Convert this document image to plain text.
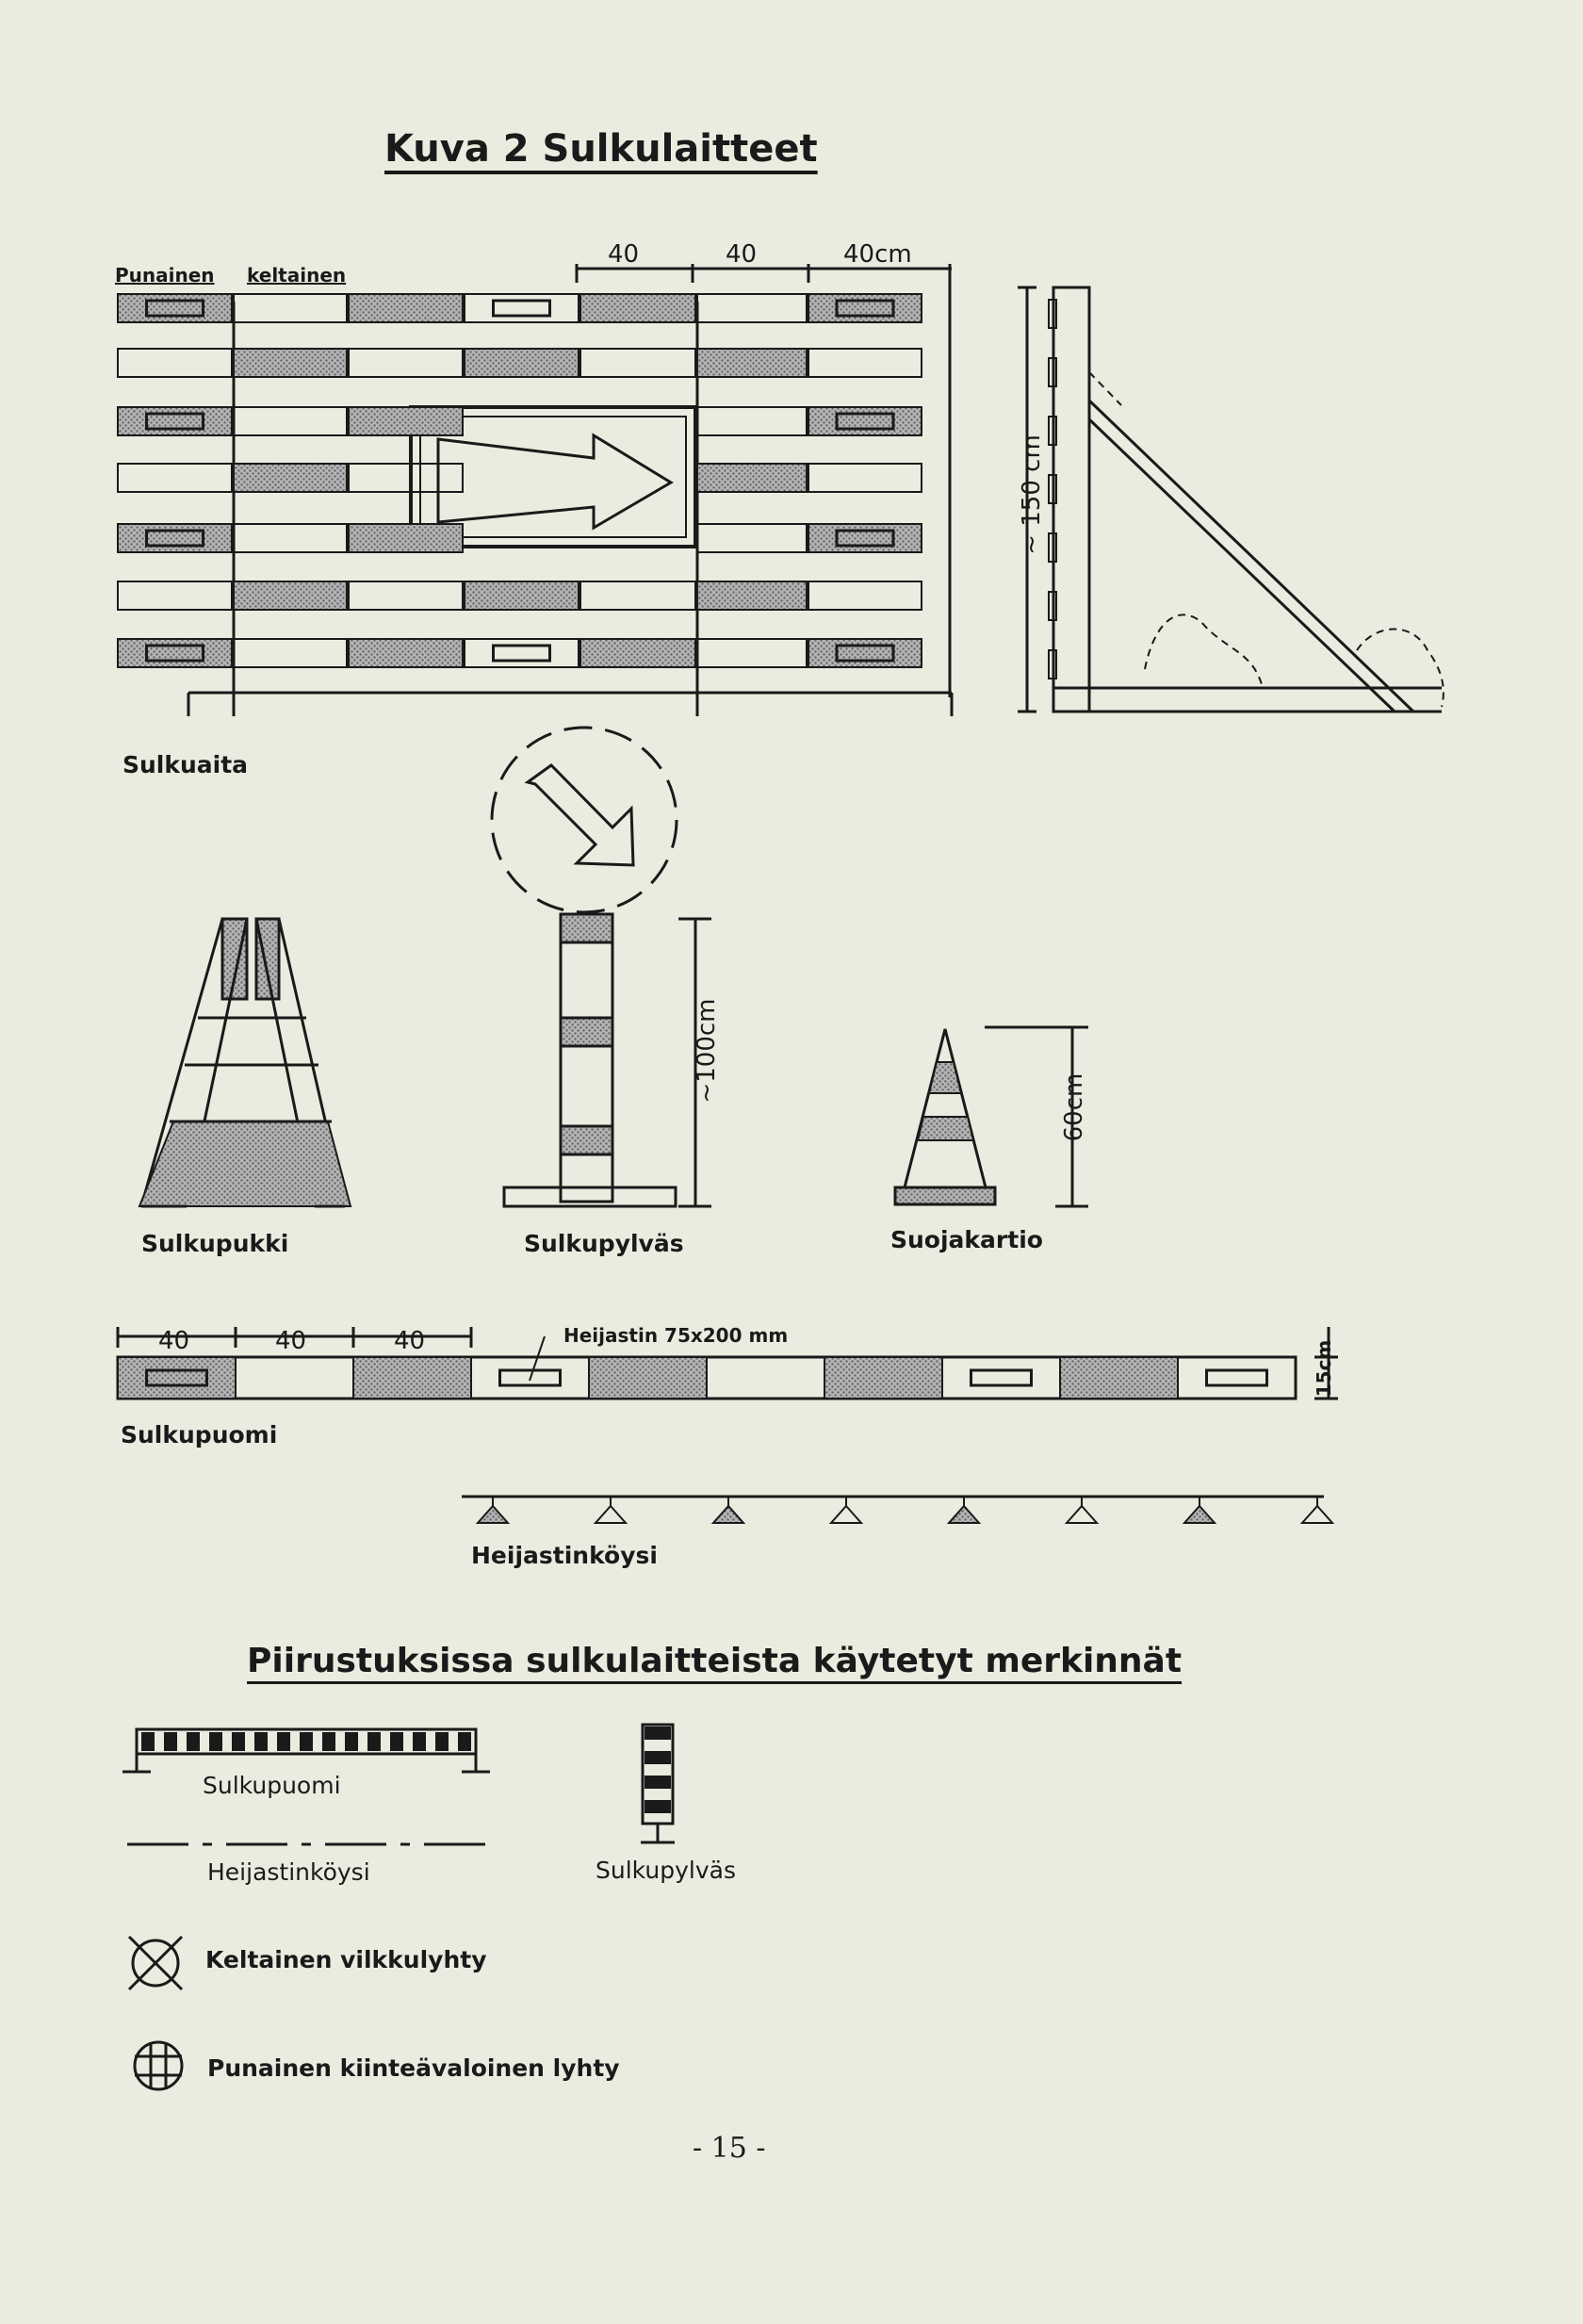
Kuva 2 Sulkulaitteet
Punainen keltainen
40	40	40cm
~ 150 cm
Sulkuaita
~100cm
60cm
Sulkupukki	Sulkupylväs	Suojakartio
40	40	40	Heijastin 75x200 mm
15cm
Sulkupuomi
Heijastinköysi
Piirustuksissa sulkulaitteista käytetyt merkinnät
Sulkupuomi
Heijastinköysi	Sulkupylväs
Keltainen vilkkulyhty
Punainen kiinteävaloinen lyhty
- 15 -
